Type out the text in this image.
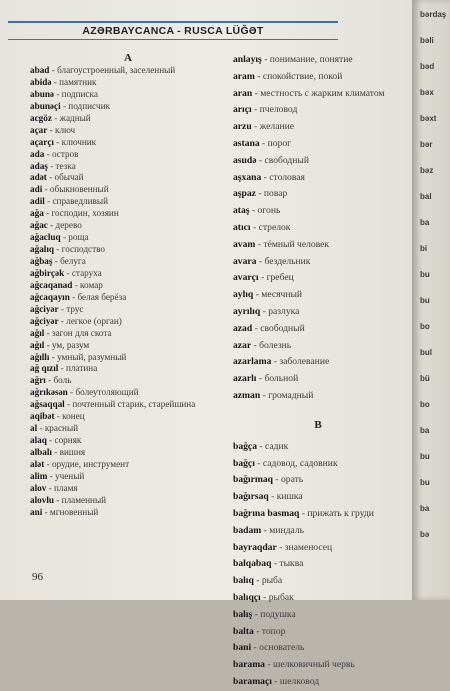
AZƏRBAYCANCA - RUSCA LÜĞƏT
A
abad - благоустроенный, заселенный
abidə - памятник
abunə - подписка
abunəçi - подписчик
acgöz - жадный
açar - ключ
açarçı - ключник
ada - остров
adaş - тезка
adət - обычай
adi - обыкновенный
adil - справедливый
ağa - господин, хозяин
ağac - дерево
ağacluq - роща
ağalıq - господство
ağbaş - белуга
ağbirçək - старуха
ağcaqanad - комар
ağcaqayın - белая берёза
ağciyər - трус
ağciyər - легкое (орган)
ağıl - загон для скота
ağıl - ум, разум
ağıllı - умный, разумный
ağ qızıl - платина
ağrı - боль
ağrıkəsən - болеутоляющий
ağsaqqal - почтенный старик, старейшина
aqibət - конец
al - красный
alaq - сорняк
albalı - вишня
alət - орудие, инструмент
alim - ученый
alov - пламя
alovlu - пламенный
ani - мгновенный
anlayış - понимание, понятие
aram - спокойствие, покой
aran - местность с жарким климатом
arıçı - пчеловод
arzu - желание
astana - порог
asudə - свободный
aşxana - столовая
aşpaz - повар
ataş - огонь
atıcı - стрелок
avam - тёмный человек
avara - бездельник
avarçı - гребец
aylıq - месячный
ayrılıq - разлука
azad - свободный
azar - болезнь
azarlama - заболевание
azarlı - больной
azman - громадный
B
bağça - садик
bağçı - садовод, садовник
bağırmaq - орать
bağırsaq - кишка
bağrına basmaq - прижать к груди
badam - миндаль
bayraqdar - знаменосец
balqabaq - тыква
balıq - рыба
balıqçı - рыбак
balış - подушка
balta - топор
bani - основатель
barama - шелковичный червь
baramaçı - шелковод
96
bərdaş
bəli
bəd
bəx
bəxt
bər
bəz
bal
ba
bi
bu
bu
bo
bul
bü
bo
ba
bu
bu
ba
bə
